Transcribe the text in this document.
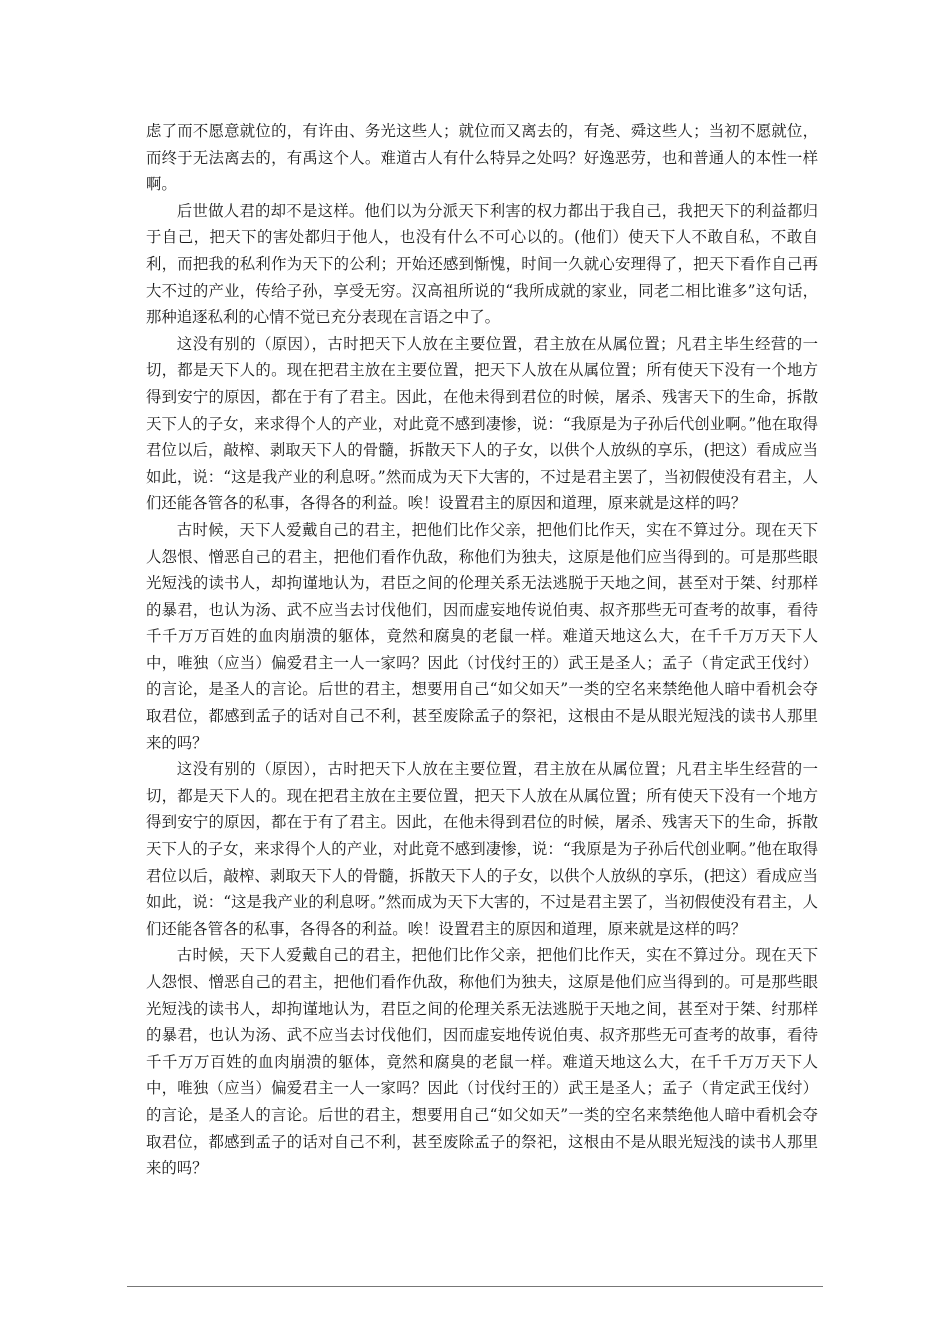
虑了而不愿意就位的，有许由、务光这些人；就位而又离去的，有尧、舜这些人；当初不愿就位，而终于无法离去的，有禹这个人。难道古人有什么特异之处吗？好逸恶劳，也和普通人的本性一样啊。

后世做人君的却不是这样。他们以为分派天下利害的权力都出于我自己，我把天下的利益都归于自己，把天下的害处都归于他人，也没有什么不可心以的。(他们）使天下人不敢自私，不敢自利，而把我的私利作为天下的公利；开始还感到惭愧，时间一久就心安理得了，把天下看作自己再大不过的产业，传给子孙，享受无穷。汉高祖所说的“我所成就的家业，同老二相比谁多”这句话，那种追逐私利的心情不觉已充分表现在言语之中了。

这没有别的（原因），古时把天下人放在主要位置，君主放在从属位置；凡君主毕生经营的一切，都是天下人的。现在把君主放在主要位置，把天下人放在从属位置；所有使天下没有一个地方得到安宁的原因，都在于有了君主。因此，在他未得到君位的时候，屠杀、残害天下的生命，拆散天下人的子女，来求得个人的产业，对此竟不感到凄惨，说：“我原是为子孙后代创业啊。”他在取得君位以后，敲榨、剥取天下人的骨髓，拆散天下人的子女，以供个人放纵的享乐，(把这）看成应当如此，说：“这是我产业的利息呀。”然而成为天下大害的，不过是君主罢了，当初假使没有君主，人们还能各管各的私事，各得各的利益。唉！设置君主的原因和道理，原来就是这样的吗？

古时候，天下人爱戴自己的君主，把他们比作父亲，把他们比作天，实在不算过分。现在天下人怨恨、憎恶自己的君主，把他们看作仇敌，称他们为独夫，这原是他们应当得到的。可是那些眼光短浅的读书人，却拘谨地认为，君臣之间的伦理关系无法逃脱于天地之间，甚至对于桀、纣那样的暴君，也认为汤、武不应当去讨伐他们，因而虚妄地传说伯夷、叔齐那些无可查考的故事，看待千千万万百姓的血肉崩溃的躯体，竟然和腐臭的老鼠一样。难道天地这么大，在千千万万天下人中，唯独（应当）偏爱君主一人一家吗？因此（讨伐纣王的）武王是圣人；孟子（肯定武王伐纣）的言论，是圣人的言论。后世的君主，想要用自己“如父如天”一类的空名来禁绝他人暗中看机会夺取君位，都感到孟子的话对自己不利，甚至废除孟子的祭祀，这根由不是从眼光短浅的读书人那里来的吗？

这没有别的（原因），古时把天下人放在主要位置，君主放在从属位置；凡君主毕生经营的一切，都是天下人的。现在把君主放在主要位置，把天下人放在从属位置；所有使天下没有一个地方得到安宁的原因，都在于有了君主。因此，在他未得到君位的时候，屠杀、残害天下的生命，拆散天下人的子女，来求得个人的产业，对此竟不感到凄惨，说：“我原是为子孙后代创业啊。”他在取得君位以后，敲榨、剥取天下人的骨髓，拆散天下人的子女，以供个人放纵的享乐，(把这）看成应当如此，说：“这是我产业的利息呀。”然而成为天下大害的，不过是君主罢了，当初假使没有君主，人们还能各管各的私事，各得各的利益。唉！设置君主的原因和道理，原来就是这样的吗？

古时候，天下人爱戴自己的君主，把他们比作父亲，把他们比作天，实在不算过分。现在天下人怨恨、憎恶自己的君主，把他们看作仇敌，称他们为独夫，这原是他们应当得到的。可是那些眼光短浅的读书人，却拘谨地认为，君臣之间的伦理关系无法逃脱于天地之间，甚至对于桀、纣那样的暴君，也认为汤、武不应当去讨伐他们，因而虚妄地传说伯夷、叔齐那些无可查考的故事，看待千千万万百姓的血肉崩溃的躯体，竟然和腐臭的老鼠一样。难道天地这么大，在千千万万天下人中，唯独（应当）偏爱君主一人一家吗？因此（讨伐纣王的）武王是圣人；孟子（肯定武王伐纣）的言论，是圣人的言论。后世的君主，想要用自己“如父如天”一类的空名来禁绝他人暗中看机会夺取君位，都感到孟子的话对自己不利，甚至废除孟子的祭祀，这根由不是从眼光短浅的读书人那里来的吗？
